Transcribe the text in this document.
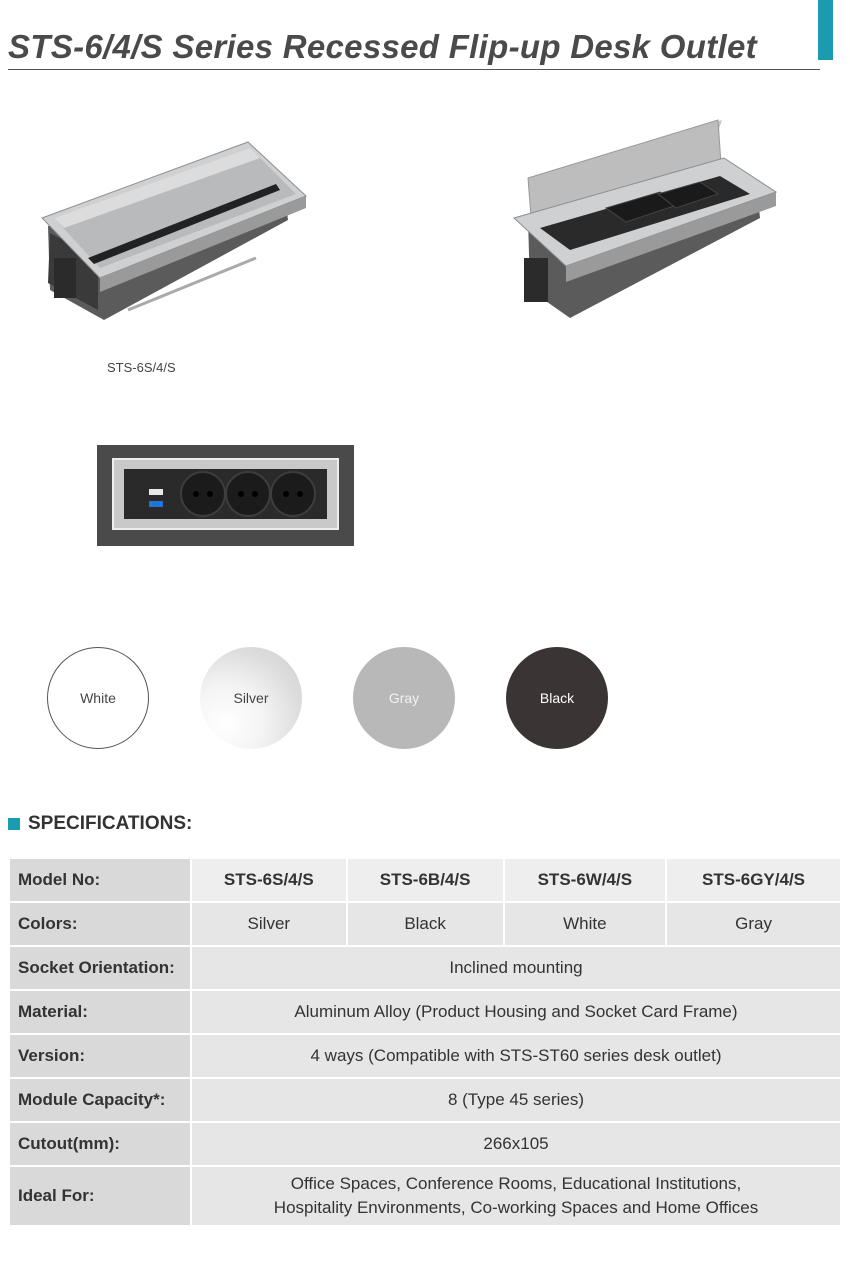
STS-6/4/S Series Recessed Flip-up Desk Outlet
STS-6S/4/S
White	Silver	Gray	Black
SPECIFICATIONS:
Model No:	STS-6S/4/S	STS-6B/4/S	STS-6W/4/S	STS-6GY/4/S
Colors:	Silver	Black	White	Gray
Socket Orientation:	Inclined mounting			
Material:	Aluminum Alloy (Product Housing and Socket Card Frame)			
Version:	4 ways (Compatible with STS-ST60 series desk outlet)			
Module Capacity*:	8 (Type 45 series)			
Cutout(mm):	266x105			
Ideal For:	Office Spaces, Conference Rooms, Educational Institutions,
Hospitality Environments, Co-working Spaces and Home Offices			
